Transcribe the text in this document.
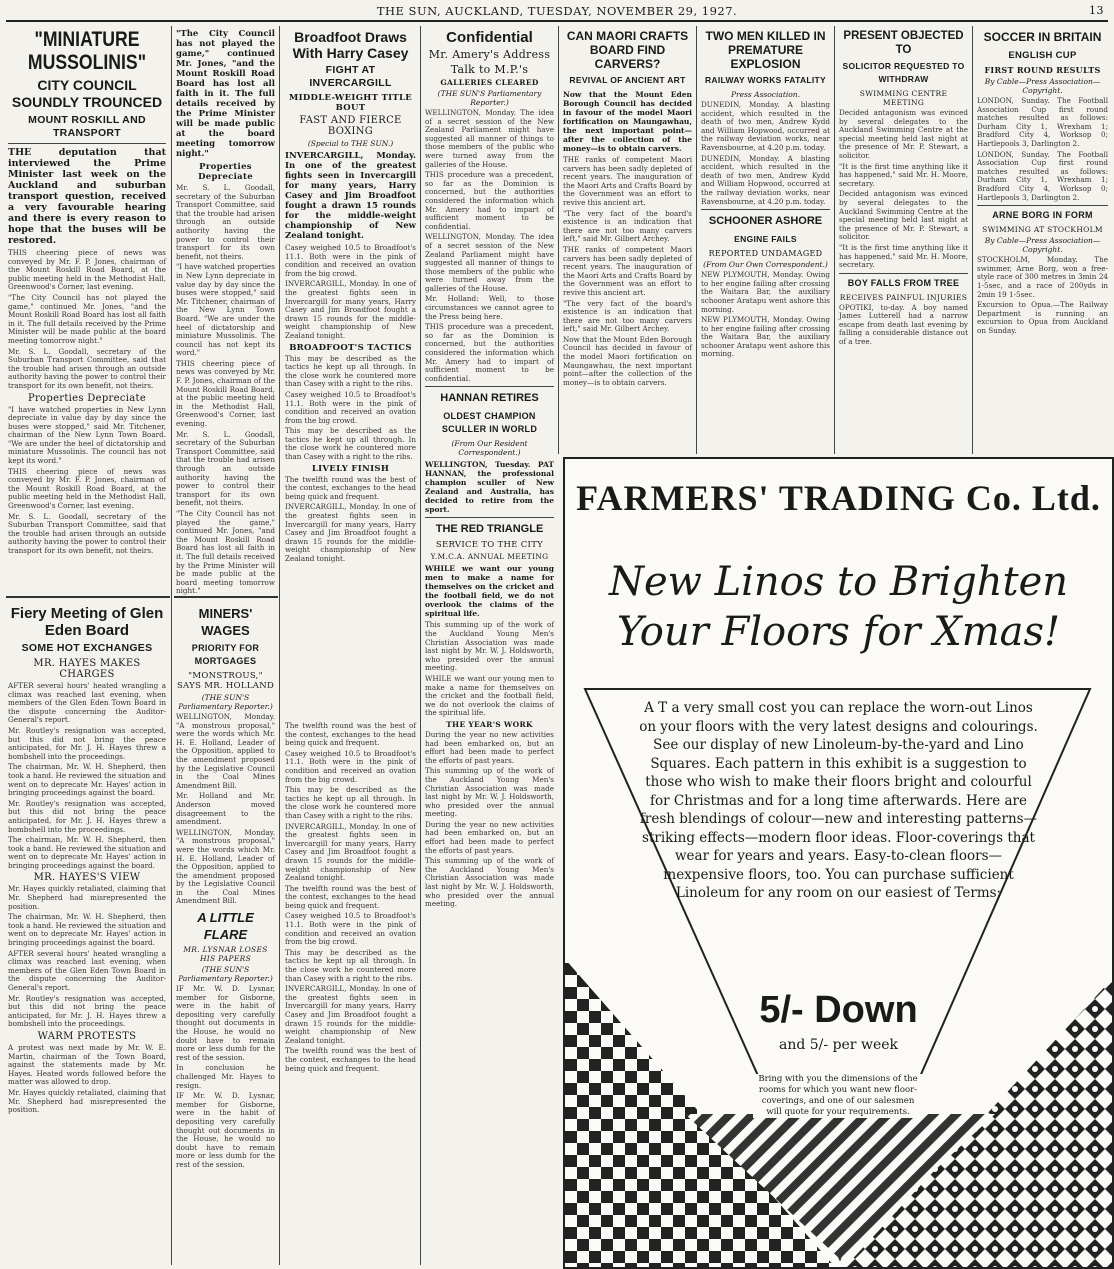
THE SUN, AUCKLAND, TUESDAY, NOVEMBER 29, 1927.	13
"MINIATURE MUSSOLINIS"
CITY COUNCIL SOUNDLY TROUNCED
MOUNT ROSKILL AND TRANSPORT

THE deputation that interviewed the Prime Minister last week on the Auckland and suburban transport question, received a very favourable hearing and there is every reason to hope that the buses will be restored.

THIS cheering piece of news was conveyed by Mr. F. P. Jones, chairman of the Mount Roskill Road Board, at the public meeting held in the Methodist Hall, Greenwood's Corner, last evening.

"The City Council has not played the game," continued Mr. Jones, "and the Mount Roskill Road Board has lost all faith in it. The full details received by the Prime Minister will be made public at the board meeting tomorrow night."

Mr. S. L. Goodall, secretary of the Suburban Transport Committee, said that the trouble had arisen through an outside authority having the power to control their transport for its own benefit, not theirs.

Properties Depreciate

"I have watched properties in New Lynn depreciate in value day by day since the buses were stopped," said Mr. Titchener, chairman of the New Lynn Town Board. "We are under the heel of dictatorship and miniature Mussolinis. The council has not kept its word."

THIS cheering piece of news was conveyed by Mr. F. P. Jones, chairman of the Mount Roskill Road Board, at the public meeting held in the Methodist Hall, Greenwood's Corner, last evening.

Mr. S. L. Goodall, secretary of the Suburban Transport Committee, said that the trouble had arisen through an outside authority having the power to control their transport for its own benefit, not theirs.

Fiery Meeting of Glen Eden Board
SOME HOT EXCHANGES
MR. HAYES MAKES CHARGES

AFTER several hours' heated wrangling a climax was reached last evening, when members of the Glen Eden Town Board in the dispute concerning the Auditor-General's report.

Mr. Routley's resignation was accepted, but this did not bring the peace anticipated, for Mr. J. H. Hayes threw a bombshell into the proceedings.

The chairman, Mr. W. H. Shepherd, then took a hand. He reviewed the situation and went on to deprecate Mr. Hayes' action in bringing proceedings against the board.

Mr. Routley's resignation was accepted, but this did not bring the peace anticipated, for Mr. J. H. Hayes threw a bombshell into the proceedings.

The chairman, Mr. W. H. Shepherd, then took a hand. He reviewed the situation and went on to deprecate Mr. Hayes' action in bringing proceedings against the board.

MR. HAYES'S VIEW

Mr. Hayes quickly retaliated, claiming that Mr. Shepherd had misrepresented the position.

The chairman, Mr. W. H. Shepherd, then took a hand. He reviewed the situation and went on to deprecate Mr. Hayes' action in bringing proceedings against the board.

AFTER several hours' heated wrangling a climax was reached last evening, when members of the Glen Eden Town Board in the dispute concerning the Auditor-General's report.

Mr. Routley's resignation was accepted, but this did not bring the peace anticipated, for Mr. J. H. Hayes threw a bombshell into the proceedings.

WARM PROTESTS

A protest was next made by Mr. W. E. Martin, chairman of the Town Board, against the statements made by Mr. Hayes. Heated words followed before the matter was allowed to drop.

Mr. Hayes quickly retaliated, claiming that Mr. Shepherd had misrepresented the position.

Broadfoot Draws With Harry Casey
FIGHT AT INVERCARGILL
MIDDLE-WEIGHT TITLE BOUT
FAST AND FIERCE BOXING

(Special to THE SUN.)

INVERCARGILL, Monday. In one of the greatest fights seen in Invercargill for many years, Harry Casey and Jim Broadfoot fought a drawn 15 rounds for the middle-weight championship of New Zealand tonight.

Casey weighed 10.5 to Broadfoot's 11.1. Both were in the pink of condition and received an ovation from the big crowd.

INVERCARGILL, Monday. In one of the greatest fights seen in Invercargill for many years, Harry Casey and Jim Broadfoot fought a drawn 15 rounds for the middle-weight championship of New Zealand tonight.

BROADFOOT'S TACTICS

This may be described as the tactics he kept up all through. In the close work he countered more than Casey with a right to the ribs.

Casey weighed 10.5 to Broadfoot's 11.1. Both were in the pink of condition and received an ovation from the big crowd.

This may be described as the tactics he kept up all through. In the close work he countered more than Casey with a right to the ribs.

LIVELY FINISH

The twelfth round was the best of the contest, exchanges to the head being quick and frequent.

INVERCARGILL, Monday. In one of the greatest fights seen in Invercargill for many years, Harry Casey and Jim Broadfoot fought a drawn 15 rounds for the middle-weight championship of New Zealand tonight.

"The City Council has not played the game," continued Mr. Jones, "and the Mount Roskill Road Board has lost all faith in it. The full details received by the Prime Minister will be made public at the board meeting tomorrow night."

Properties Depreciate

Mr. S. L. Goodall, secretary of the Suburban Transport Committee, said that the trouble had arisen through an outside authority having the power to control their transport for its own benefit, not theirs.

"I have watched properties in New Lynn depreciate in value day by day since the buses were stopped," said Mr. Titchener, chairman of the New Lynn Town Board. "We are under the heel of dictatorship and miniature Mussolinis. The council has not kept its word."

THIS cheering piece of news was conveyed by Mr. F. P. Jones, chairman of the Mount Roskill Road Board, at the public meeting held in the Methodist Hall, Greenwood's Corner, last evening.

Mr. S. L. Goodall, secretary of the Suburban Transport Committee, said that the trouble had arisen through an outside authority having the power to control their transport for its own benefit, not theirs.

"The City Council has not played the game," continued Mr. Jones, "and the Mount Roskill Road Board has lost all faith in it. The full details received by the Prime Minister will be made public at the board meeting tomorrow night."

MINERS' WAGES
PRIORITY FOR MORTGAGES
"MONSTROUS," SAYS MR. HOLLAND

(THE SUN'S Parliamentary Reporter.)

WELLINGTON, Monday. "A monstrous proposal," were the words which Mr. H. E. Holland, Leader of the Opposition, applied to the amendment proposed by the Legislative Council in the Coal Mines Amendment Bill.

Mr. Holland and Mr. Anderson moved disagreement to the amendment.

WELLINGTON, Monday. "A monstrous proposal," were the words which Mr. H. E. Holland, Leader of the Opposition, applied to the amendment proposed by the Legislative Council in the Coal Mines Amendment Bill.

A LITTLE FLARE
MR. LYSNAR LOSES HIS PAPERS

(THE SUN'S Parliamentary Reporter.)

IF Mr. W. D. Lysnar, member for Gisborne, were in the habit of depositing very carefully thought out documents in the House, he would no doubt have to remain more or less dumb for the rest of the session.

In conclusion he challenged Mr. Hayes to resign.

IF Mr. W. D. Lysnar, member for Gisborne, were in the habit of depositing very carefully thought out documents in the House, he would no doubt have to remain more or less dumb for the rest of the session.

The twelfth round was the best of the contest, exchanges to the head being quick and frequent.

Casey weighed 10.5 to Broadfoot's 11.1. Both were in the pink of condition and received an ovation from the big crowd.

This may be described as the tactics he kept up all through. In the close work he countered more than Casey with a right to the ribs.

INVERCARGILL, Monday. In one of the greatest fights seen in Invercargill for many years, Harry Casey and Jim Broadfoot fought a drawn 15 rounds for the middle-weight championship of New Zealand tonight.

The twelfth round was the best of the contest, exchanges to the head being quick and frequent.

Casey weighed 10.5 to Broadfoot's 11.1. Both were in the pink of condition and received an ovation from the big crowd.

This may be described as the tactics he kept up all through. In the close work he countered more than Casey with a right to the ribs.

INVERCARGILL, Monday. In one of the greatest fights seen in Invercargill for many years, Harry Casey and Jim Broadfoot fought a drawn 15 rounds for the middle-weight championship of New Zealand tonight.

The twelfth round was the best of the contest, exchanges to the head being quick and frequent.

Confidential
Mr. Amery's Address
Talk to M.P.'s
GALLERIES CLEARED

(THE SUN'S Parliamentary Reporter.)

WELLINGTON, Monday. The idea of a secret session of the New Zealand Parliament might have suggested all manner of things to those members of the public who were turned away from the galleries of the House.

THIS procedure was a precedent, so far as the Dominion is concerned, but the authorities considered the information which Mr. Amery had to impart of sufficient moment to be confidential.

WELLINGTON, Monday. The idea of a secret session of the New Zealand Parliament might have suggested all manner of things to those members of the public who were turned away from the galleries of the House.

Mr. Holland: Well, to those circumstances we cannot agree to the Press being here.

THIS procedure was a precedent, so far as the Dominion is concerned, but the authorities considered the information which Mr. Amery had to impart of sufficient moment to be confidential.

HANNAN RETIRES
OLDEST CHAMPION SCULLER IN WORLD

(From Our Resident Correspondent.)

WELLINGTON, Tuesday. PAT HANNAN, the professional champion sculler of New Zealand and Australia, has decided to retire from the sport.

THE RED TRIANGLE
SERVICE TO THE CITY
Y.M.C.A. ANNUAL MEETING

WHILE we want our young men to make a name for themselves on the cricket and the football field, we do not overlook the claims of the spiritual life.

This summing up of the work of the Auckland Young Men's Christian Association was made last night by Mr. W. J. Holdsworth, who presided over the annual meeting.

WHILE we want our young men to make a name for themselves on the cricket and the football field, we do not overlook the claims of the spiritual life.

THE YEAR'S WORK

During the year no new activities had been embarked on, but an effort had been made to perfect the efforts of past years.

This summing up of the work of the Auckland Young Men's Christian Association was made last night by Mr. W. J. Holdsworth, who presided over the annual meeting.

During the year no new activities had been embarked on, but an effort had been made to perfect the efforts of past years.

This summing up of the work of the Auckland Young Men's Christian Association was made last night by Mr. W. J. Holdsworth, who presided over the annual meeting.

CAN MAORI CRAFTS BOARD FIND CARVERS?
REVIVAL OF ANCIENT ART

Now that the Mount Eden Borough Council has decided in favour of the model Maori fortification on Maungawhau, the next important point—after the collection of the money—is to obtain carvers.

THE ranks of competent Maori carvers has been sadly depleted of recent years. The inauguration of the Maori Arts and Crafts Board by the Government was an effort to revive this ancient art.

"The very fact of the board's existence is an indication that there are not too many carvers left," said Mr. Gilbert Archey.

THE ranks of competent Maori carvers has been sadly depleted of recent years. The inauguration of the Maori Arts and Crafts Board by the Government was an effort to revive this ancient art.

"The very fact of the board's existence is an indication that there are not too many carvers left," said Mr. Gilbert Archey.

Now that the Mount Eden Borough Council has decided in favour of the model Maori fortification on Maungawhau, the next important point—after the collection of the money—is to obtain carvers.

TWO MEN KILLED IN PREMATURE EXPLOSION
RAILWAY WORKS FATALITY

Press Association.

DUNEDIN, Monday. A blasting accident, which resulted in the death of two men, Andrew Kydd and William Hopwood, occurred at the railway deviation works, near Ravensbourne, at 4.20 p.m. today.

DUNEDIN, Monday. A blasting accident, which resulted in the death of two men, Andrew Kydd and William Hopwood, occurred at the railway deviation works, near Ravensbourne, at 4.20 p.m. today.

SCHOONER ASHORE
ENGINE FAILS
REPORTED UNDAMAGED

(From Our Own Correspondent.)

NEW PLYMOUTH, Monday. Owing to her engine failing after crossing the Waitara Bar, the auxiliary schooner Aratapu went ashore this morning.

NEW PLYMOUTH, Monday. Owing to her engine failing after crossing the Waitara Bar, the auxiliary schooner Aratapu went ashore this morning.

PRESENT OBJECTED TO
SOLICITOR REQUESTED TO WITHDRAW
SWIMMING CENTRE MEETING

Decided antagonism was evinced by several delegates to the Auckland Swimming Centre at the special meeting held last night at the presence of Mr. P. Stewart, a solicitor.

"It is the first time anything like it has happened," said Mr. H. Moore, secretary.

Decided antagonism was evinced by several delegates to the Auckland Swimming Centre at the special meeting held last night at the presence of Mr. P. Stewart, a solicitor.

"It is the first time anything like it has happened," said Mr. H. Moore, secretary.

BOY FALLS FROM TREE
RECEIVES PAINFUL INJURIES

OPOTIKI, to-day. A boy named James Lutterell had a narrow escape from death last evening by falling a considerable distance out of a tree.

SOCCER IN BRITAIN
ENGLISH CUP
FIRST ROUND RESULTS

By Cable—Press Association—Copyright.

LONDON, Sunday. The Football Association Cup first round matches resulted as follows: Durham City 1, Wrexham 1; Bradford City 4, Worksop 0; Hartlepools 3, Darlington 2.

LONDON, Sunday. The Football Association Cup first round matches resulted as follows: Durham City 1, Wrexham 1; Bradford City 4, Worksop 0; Hartlepools 3, Darlington 2.

ARNE BORG IN FORM
SWIMMING AT STOCKHOLM

By Cable—Press Association—Copyright.

STOCKHOLM, Monday. The swimmer, Arne Borg, won a free-style race of 300 metres in 3min 24 1-5sec, and a race of 200yds in 2min 19 1-5sec.

Excursion to Opua.—The Railway Department is running an excursion to Opua from Auckland on Sunday.

FARMERS' TRADING Co. Ltd.
New Linos to Brighten
Your Floors for Xmas!
A T a very small cost you can replace the worn-out Linos on your floors with the very latest designs and colourings. See our display of new Linoleum-by-the-yard and Lino Squares. Each pattern in this exhibit is a suggestion to those who wish to make their floors bright and colourful for Christmas and for a long time afterwards. Here are fresh blendings of colour—new and interesting patterns—striking effects—modern floor ideas. Floor-coverings that wear for years and years. Easy-to-clean floors—inexpensive floors, too. You can purchase sufficient Linoleum for any room on our easiest of Terms:
5/- Down
and 5/- per week
Bring with you the dimensions of the rooms for which you want new floor-coverings, and one of our salesmen will quote for your requirements.
